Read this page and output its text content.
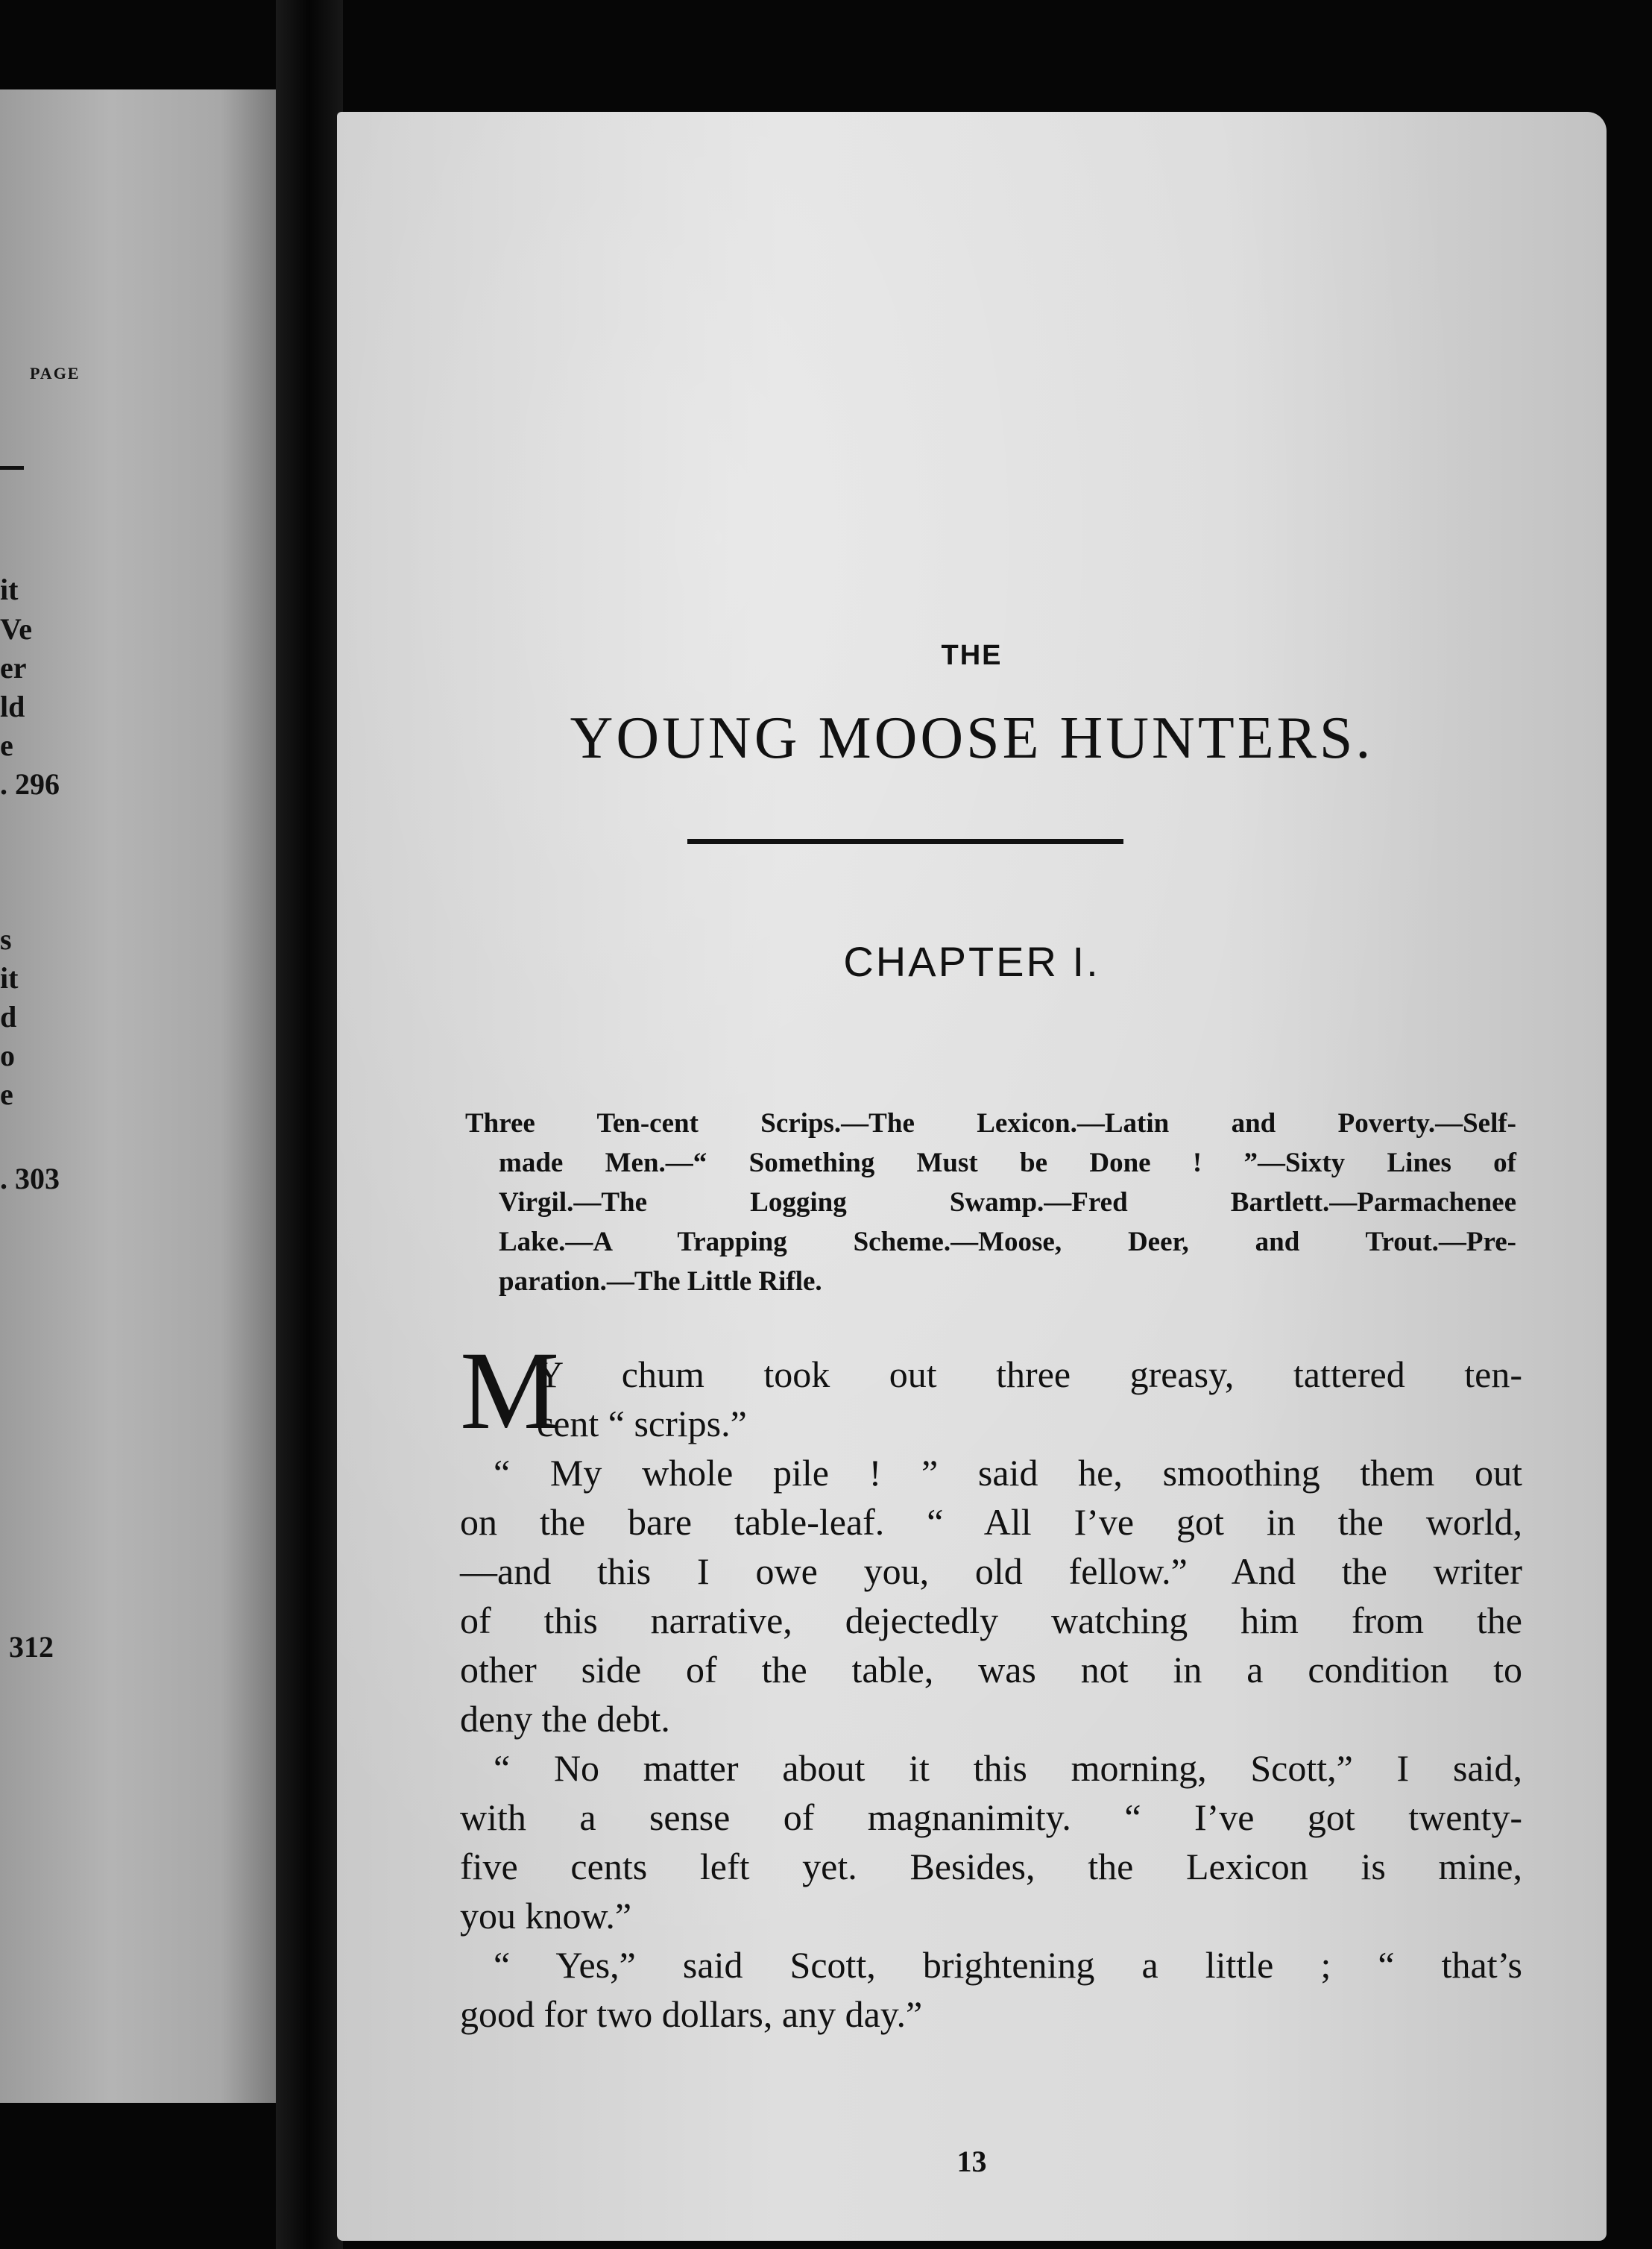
PAGE
it
Ve
er
ld
e
. 296
s
it
d
o
e
. 303
312
THE
YOUNG MOOSE HUNTERS.
CHAPTER I.
Three Ten-cent Scrips.—The Lexicon.—Latin and Poverty.—Self-
made Men.—“ Something Must be Done ! ”—Sixty Lines of
Virgil.—The Logging Swamp.—Fred Bartlett.—Parmachenee
Lake.—A Trapping Scheme.—Moose, Deer, and Trout.—Pre-
paration.—The Little Rifle.
M
Y chum took out three greasy, tattered ten-
cent “ scrips.”
“ My whole pile ! ” said he, smoothing them out
on the bare table-leaf. “ All I’ve got in the world,
—and this I owe you, old fellow.” And the writer
of this narrative, dejectedly watching him from the
other side of the table, was not in a condition to
deny the debt.
“ No matter about it this morning, Scott,” I said,
with a sense of magnanimity. “ I’ve got twenty-
five cents left yet. Besides, the Lexicon is mine,
you know.”
“ Yes,” said Scott, brightening a little ; “ that’s
good for two dollars, any day.”
13
